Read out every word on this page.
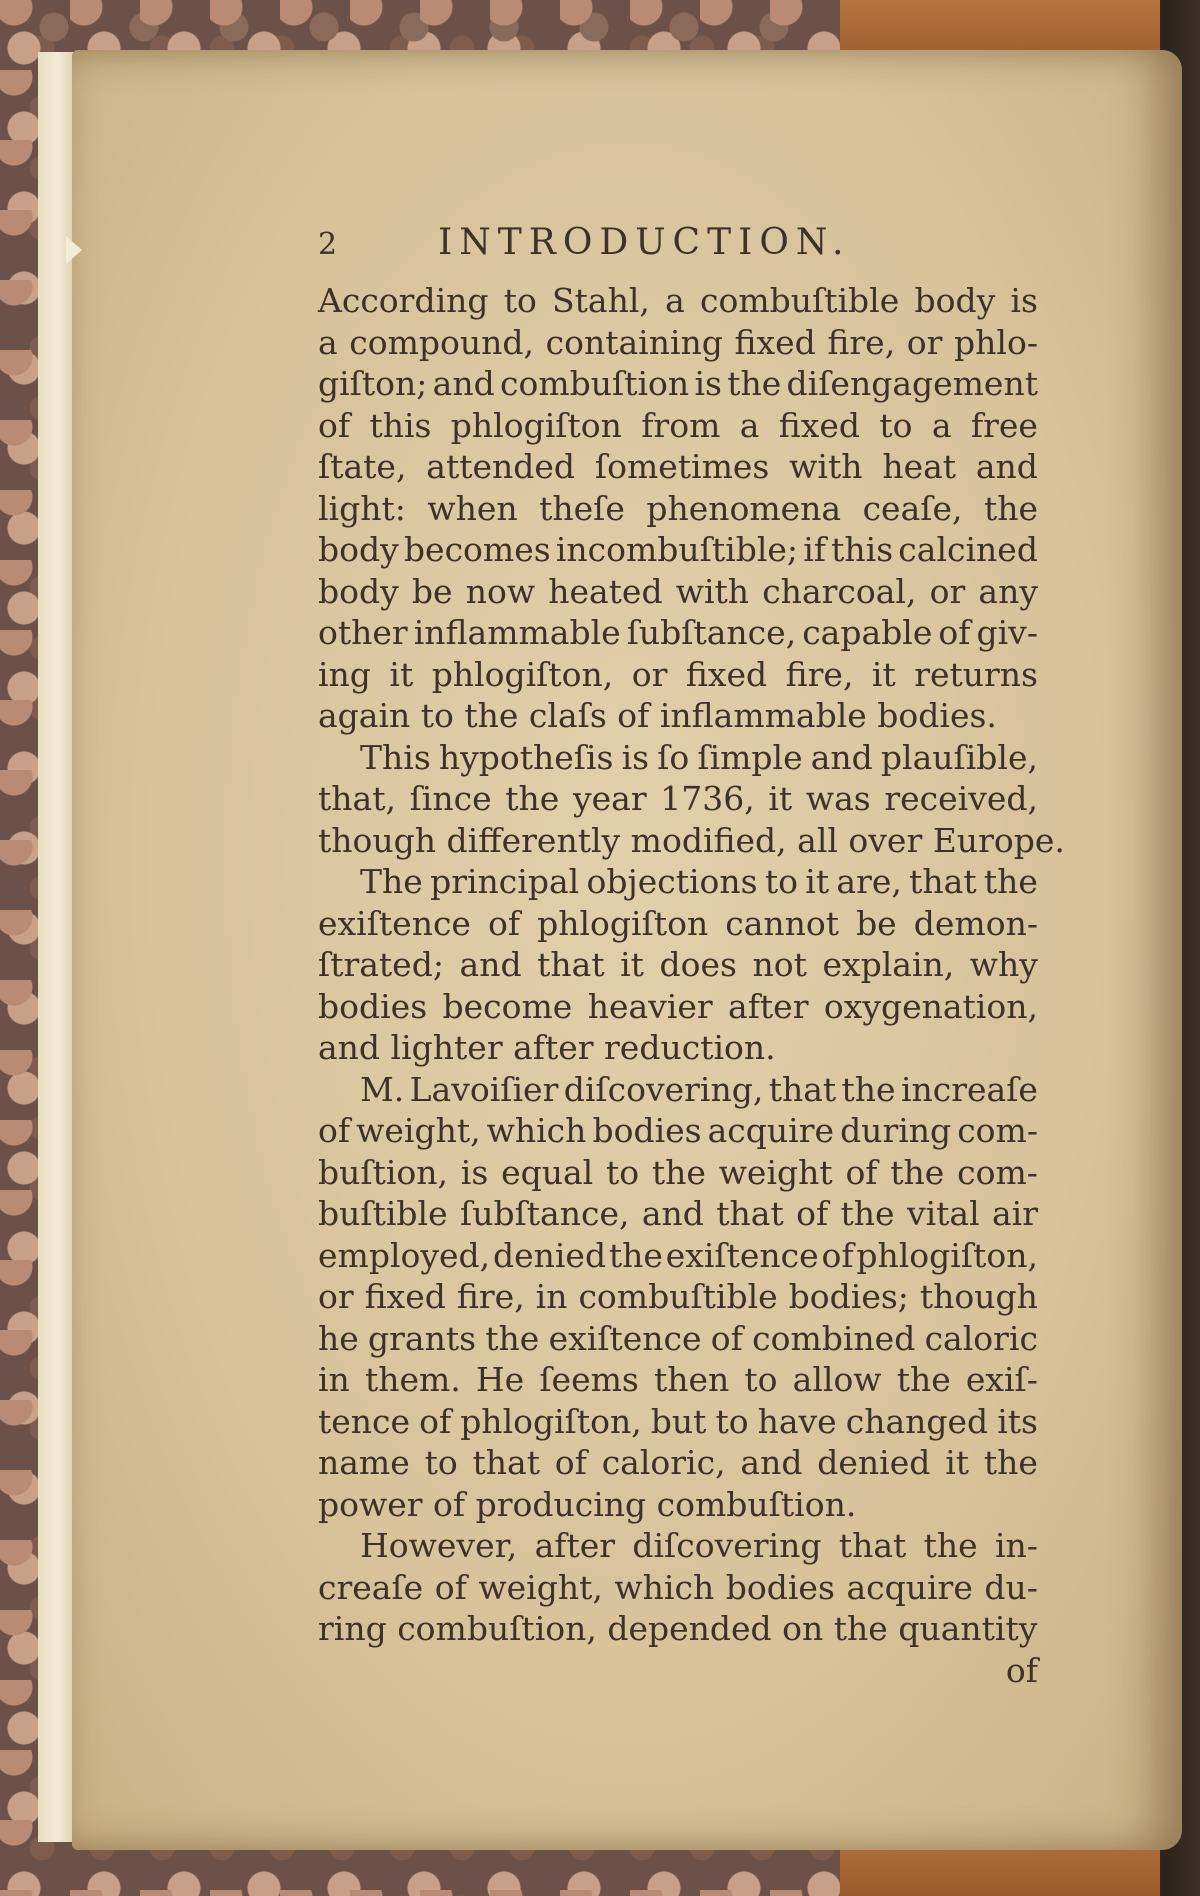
2	INTRODUCTION.
According to Stahl, a combuſtible body is
a compound, containing fixed fire, or phlo-
giſton; and combuſtion is the diſengagement
of this phlogiſton from a fixed to a free
ſtate, attended ſometimes with heat and
light: when theſe phenomena ceaſe, the
body becomes incombuſtible; if this calcined
body be now heated with charcoal, or any
other inflammable ſubſtance, capable of giv-
ing it phlogiſton, or fixed fire, it returns
again to the claſs of inflammable bodies.
This hypotheſis is ſo ſimple and plauſible,
that, ſince the year 1736, it was received,
though differently modified, all over Europe.
The principal objections to it are, that the
exiſtence of phlogiſton cannot be demon-
ſtrated; and that it does not explain, why
bodies become heavier after oxygenation,
and lighter after reduction.
M. Lavoiſier diſcovering, that the increaſe
of weight, which bodies acquire during com-
buſtion, is equal to the weight of the com-
buſtible ſubſtance, and that of the vital air
employed, denied the exiſtence of phlogiſton,
or fixed fire, in combuſtible bodies; though
he grants the exiſtence of combined caloric
in them. He ſeems then to allow the exiſ-
tence of phlogiſton, but to have changed its
name to that of caloric, and denied it the
power of producing combuſtion.
However, after diſcovering that the in-
creaſe of weight, which bodies acquire du-
ring combuſtion, depended on the quantity
of
